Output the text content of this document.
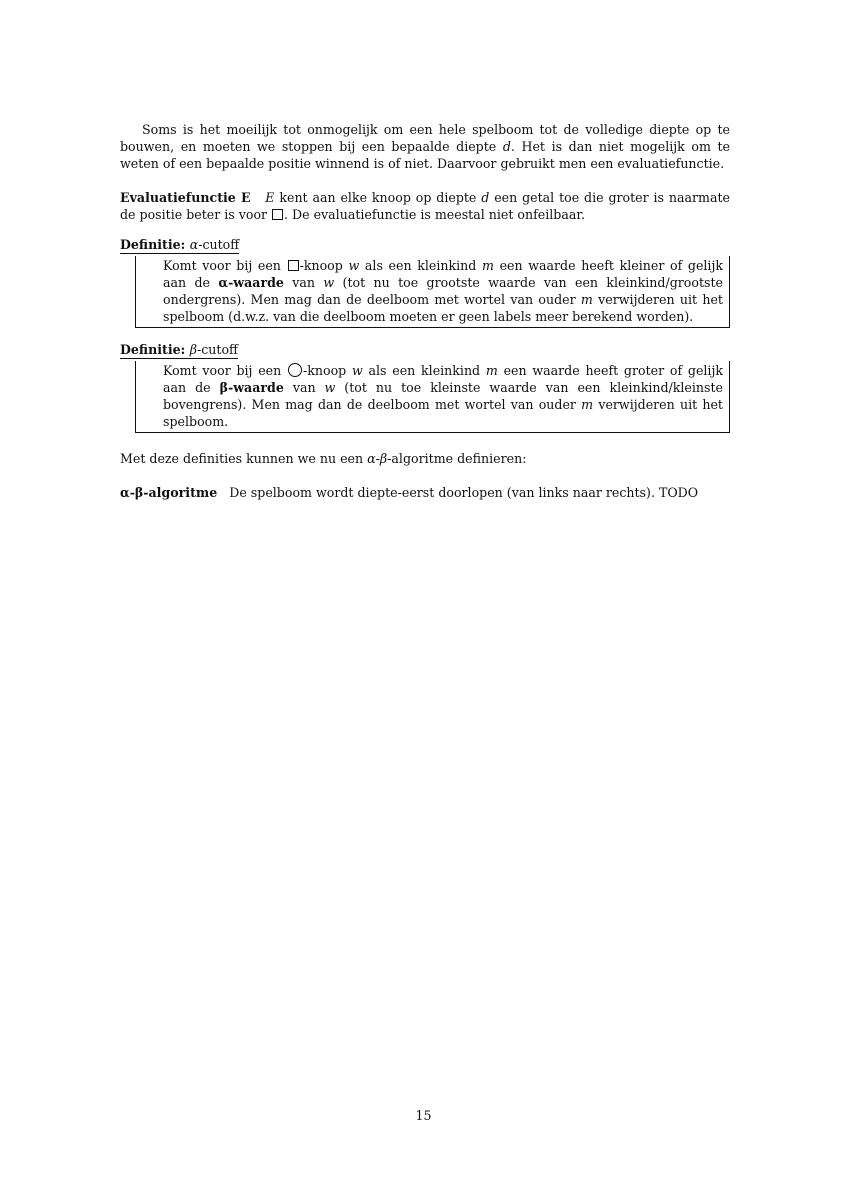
Soms is het moeilijk tot onmogelijk om een hele spelboom tot de volledige diepte op te bouwen, en moeten we stoppen bij een bepaalde diepte d. Het is dan niet mogelijk om te weten of een bepaalde positie winnend is of niet. Daarvoor gebruikt men een evaluatiefunctie.

Evaluatiefunctie E E kent aan elke knoop op diepte d een getal toe die groter is naarmate de positie beter is voor . De evaluatiefunctie is meestal niet onfeilbaar.

Definitie: α-cutoff

Komt voor bij een -knoop w als een kleinkind m een waarde heeft kleiner of gelijk aan de α-waarde van w (tot nu toe grootste waarde van een kleinkind/grootste ondergrens). Men mag dan de deelboom met wortel van ouder m verwijderen uit het spelboom (d.w.z. van die deelboom moeten er geen labels meer berekend worden).

Definitie: β-cutoff

Komt voor bij een -knoop w als een kleinkind m een waarde heeft groter of gelijk aan de β-waarde van w (tot nu toe kleinste waarde van een kleinkind/kleinste bovengrens). Men mag dan de deelboom met wortel van ouder m verwijderen uit het spelboom.

Met deze definities kunnen we nu een α-β-algoritme definieren:

α-β-algoritme De spelboom wordt diepte-eerst doorlopen (van links naar rechts). TODO

15
